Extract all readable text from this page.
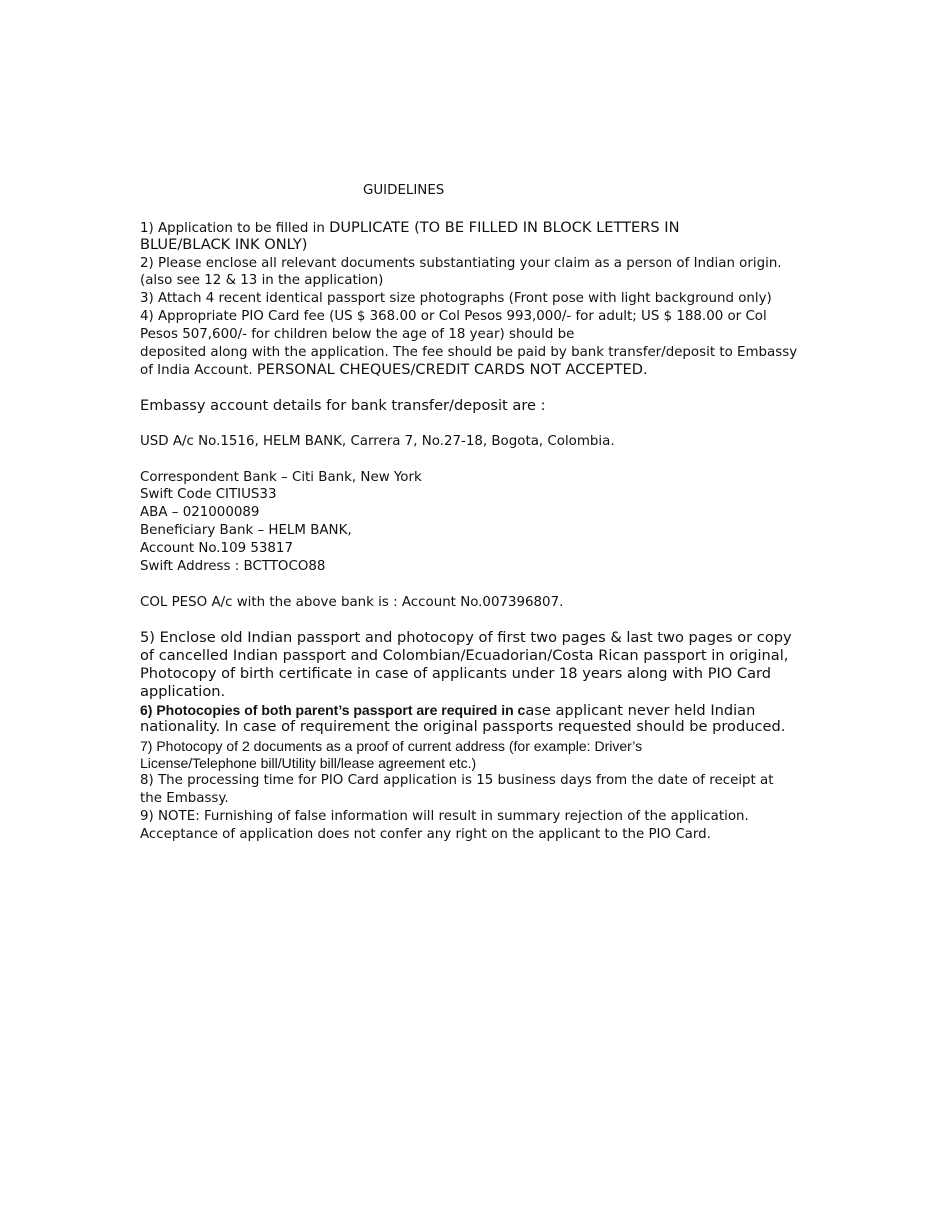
GUIDELINES
1) Application to be filled in DUPLICATE (TO BE FILLED IN BLOCK LETTERS IN
BLUE/BLACK INK ONLY)
2) Please enclose all relevant documents substantiating your claim as a person of Indian origin.
(also see 12 & 13 in the application)
3) Attach 4 recent identical passport size photographs (Front pose with light background only)
4) Appropriate PIO Card fee (US $ 368.00 or Col Pesos 993,000/- for adult; US $ 188.00 or Col
Pesos 507,600/- for children below the age of 18 year) should be
deposited along with the application. The fee should be paid by bank transfer/deposit to Embassy
of India Account. PERSONAL CHEQUES/CREDIT CARDS NOT ACCEPTED.
Embassy account details for bank transfer/deposit are :
USD A/c No.1516, HELM BANK, Carrera 7, No.27-18, Bogota, Colombia.
Correspondent Bank – Citi Bank, New York
Swift Code CITIUS33
ABA – 021000089
Beneficiary Bank – HELM BANK,
Account No.109 53817
Swift Address : BCTTOCO88
COL PESO A/c with the above bank is : Account No.007396807.
5) Enclose old Indian passport and photocopy of first two pages & last two pages or copy
of cancelled Indian passport and Colombian/Ecuadorian/Costa Rican passport in original,
Photocopy of birth certificate in case of applicants under 18 years along with PIO Card
application.
6) Photocopies of both parent’s passport are required in case applicant never held Indian
nationality. In case of requirement the original passports requested should be produced.
7) Photocopy of 2 documents as a proof of current address (for example: Driver’s
License/Telephone bill/Utility bill/lease agreement etc.)
8) The processing time for PIO Card application is 15 business days from the date of receipt at
the Embassy.
9) NOTE: Furnishing of false information will result in summary rejection of the application.
Acceptance of application does not confer any right on the applicant to the PIO Card.
